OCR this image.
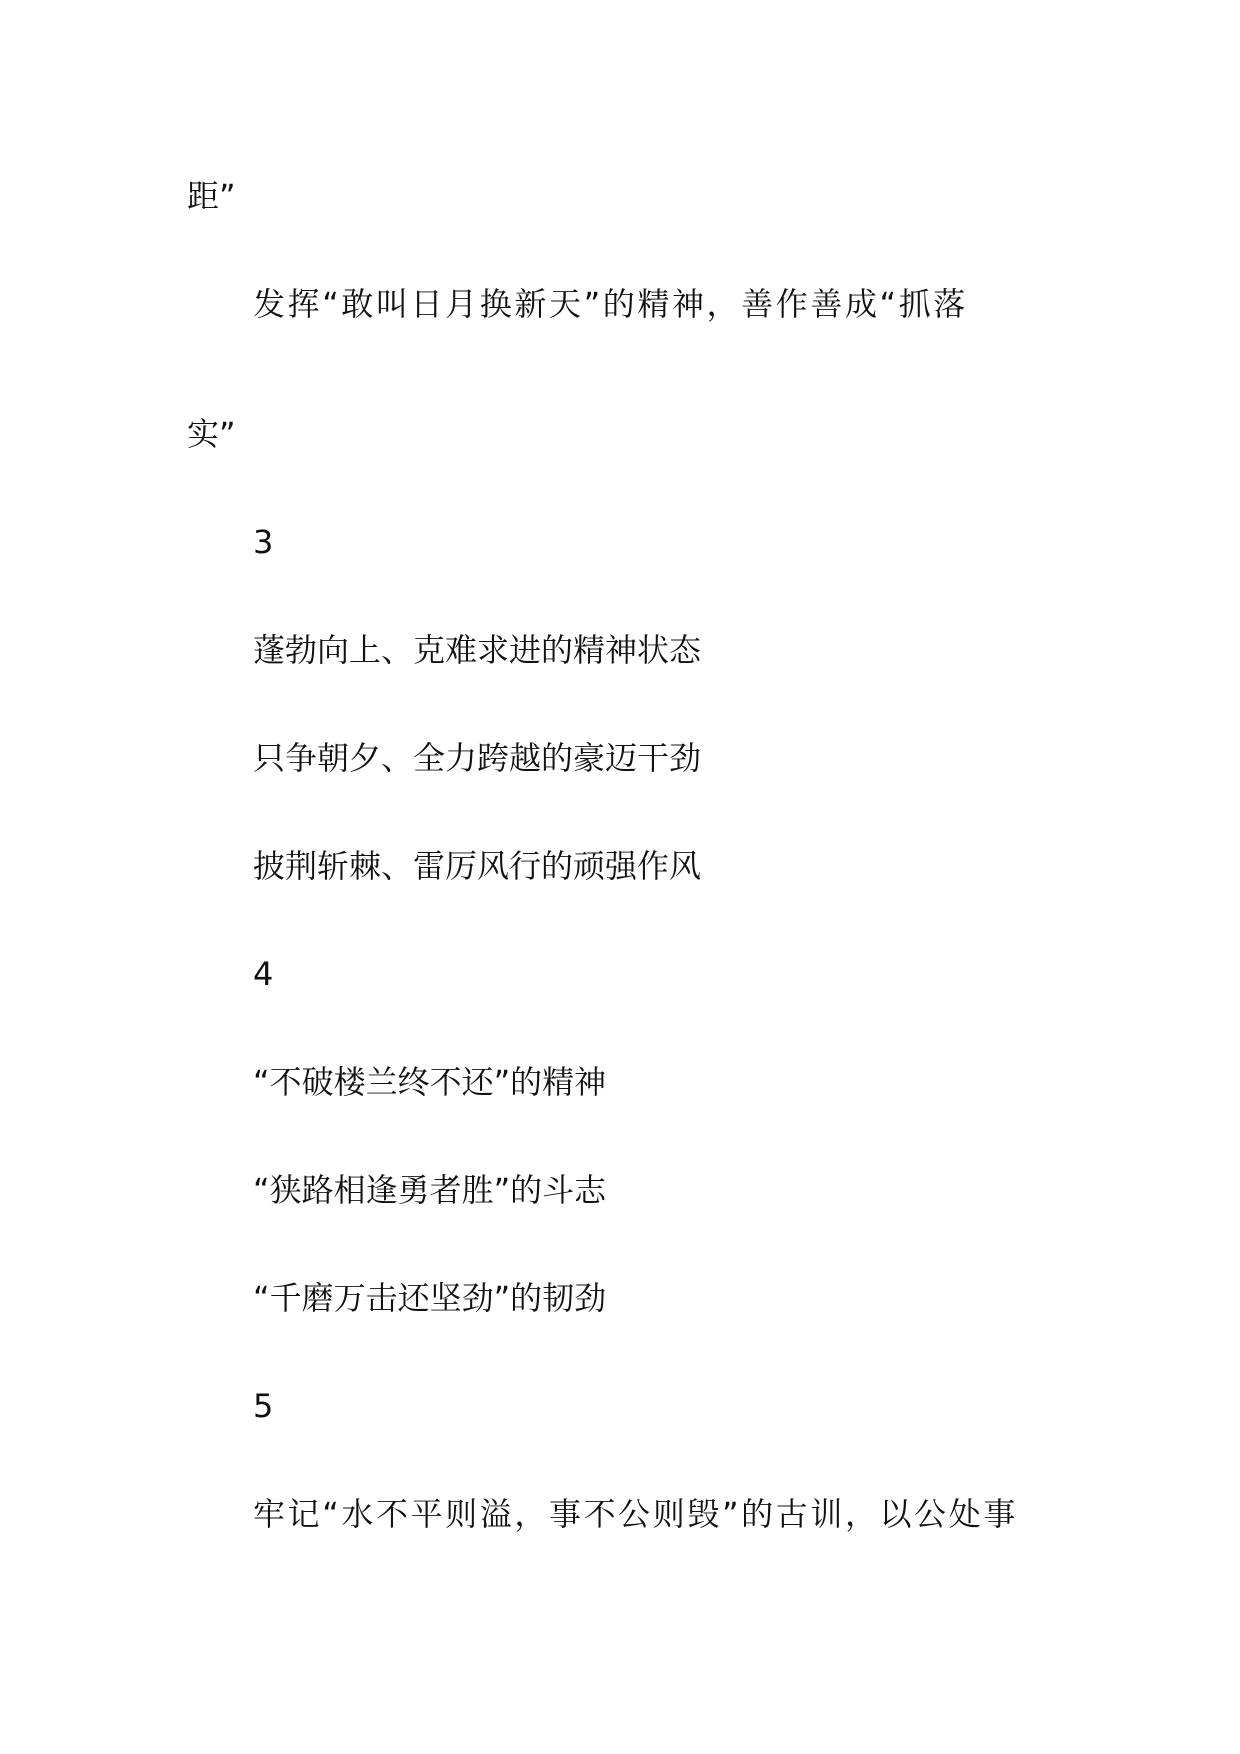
距”
发挥“敢叫日月换新天”的精神，善作善成“抓落
实”
3
蓬勃向上、克难求进的精神状态
只争朝夕、全力跨越的豪迈干劲
披荆斩棘、雷厉风行的顽强作风
4
“不破楼兰终不还”的精神
“狭路相逢勇者胜”的斗志
“千磨万击还坚劲”的韧劲
5
牢记“水不平则溢，事不公则毁”的古训，以公处事
